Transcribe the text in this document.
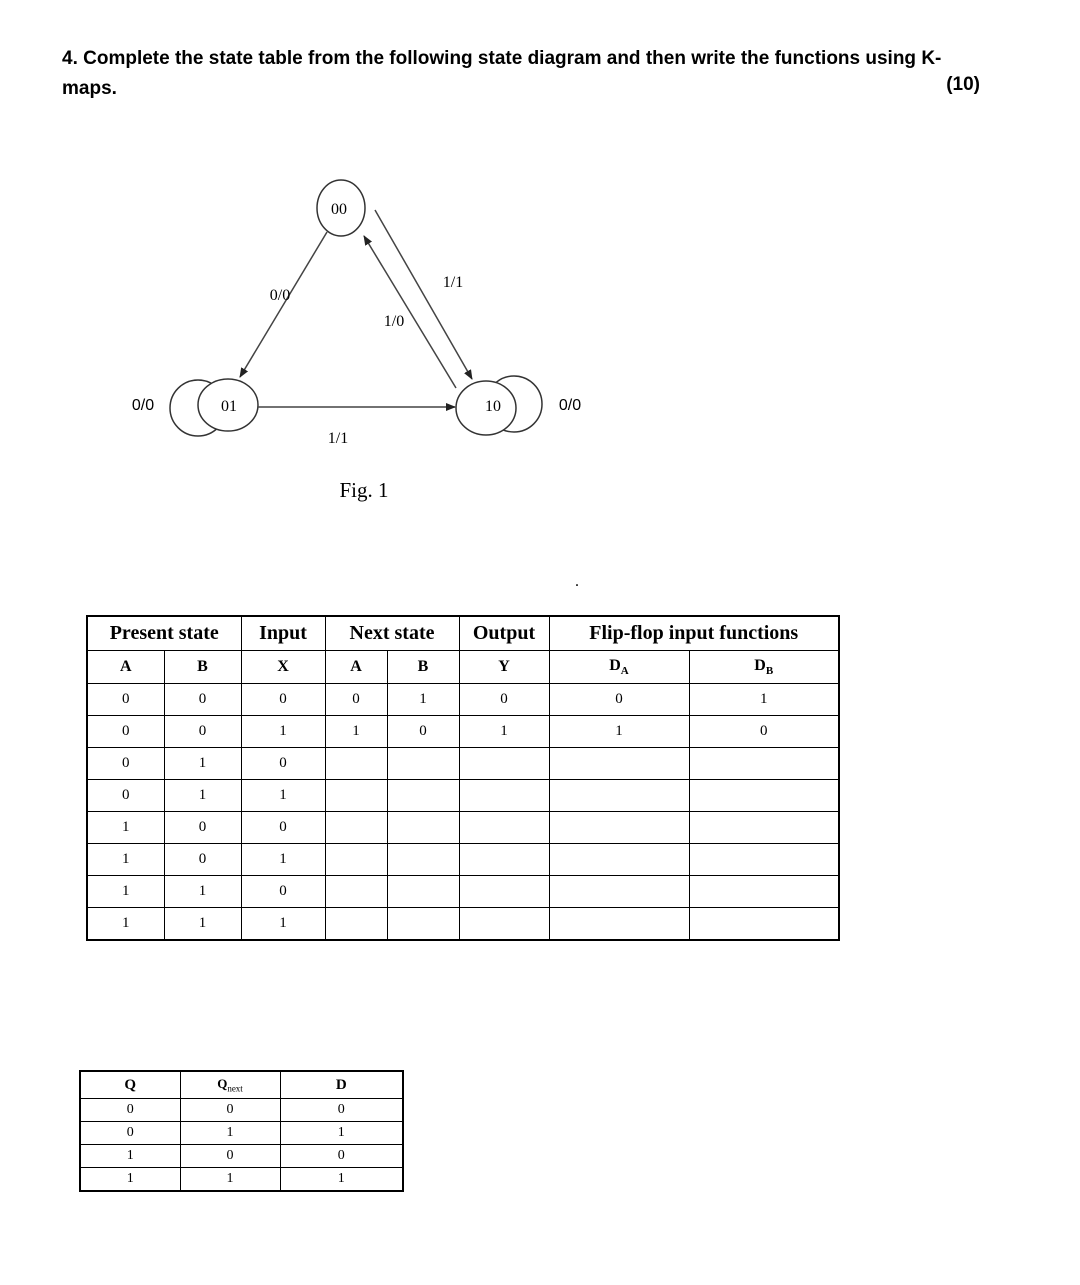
4. Complete the state table from the following state diagram and then write the functions using K-maps.	(10)
00
01	10
0/0
1/1
1/0
1/1
0/0	0/0
Fig. 1
.
Present state		Input	Next state		Output	Flip-flop input functions	
A	B	X	A	B	Y	$D_A$	$D_B$
0	0	0	0	1	0	0	1
0	0	1	1	0	1	1	0
0	1	0					
0	1	1					
1	0	0					
1	0	1					
1	1	0					
1	1	1					
Q	$Q_{next}$	D
0	0	0
0	1	1
1	0	0
1	1	1
